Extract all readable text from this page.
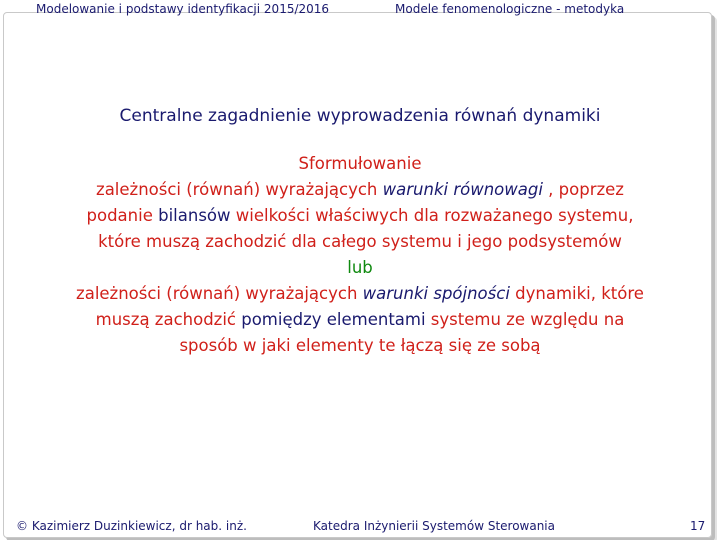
Modelowanie i podstawy identyfikacji 2015/2016	Modele fenomenologiczne - metodyka
Centralne zagadnienie wyprowadzenia równań dynamiki
Sformułowanie
zależności (równań) wyrażających warunki równowagi , poprzez
podanie bilansów wielkości właściwych dla rozważanego systemu,
które muszą zachodzić dla całego systemu i jego podsystemów
lub
zależności (równań) wyrażających warunki spójności dynamiki, które
muszą zachodzić pomiędzy elementami systemu ze względu na
sposób w jaki elementy te łączą się ze sobą
© Kazimierz Duzinkiewicz, dr hab. inż.	Katedra Inżynierii Systemów Sterowania	17
